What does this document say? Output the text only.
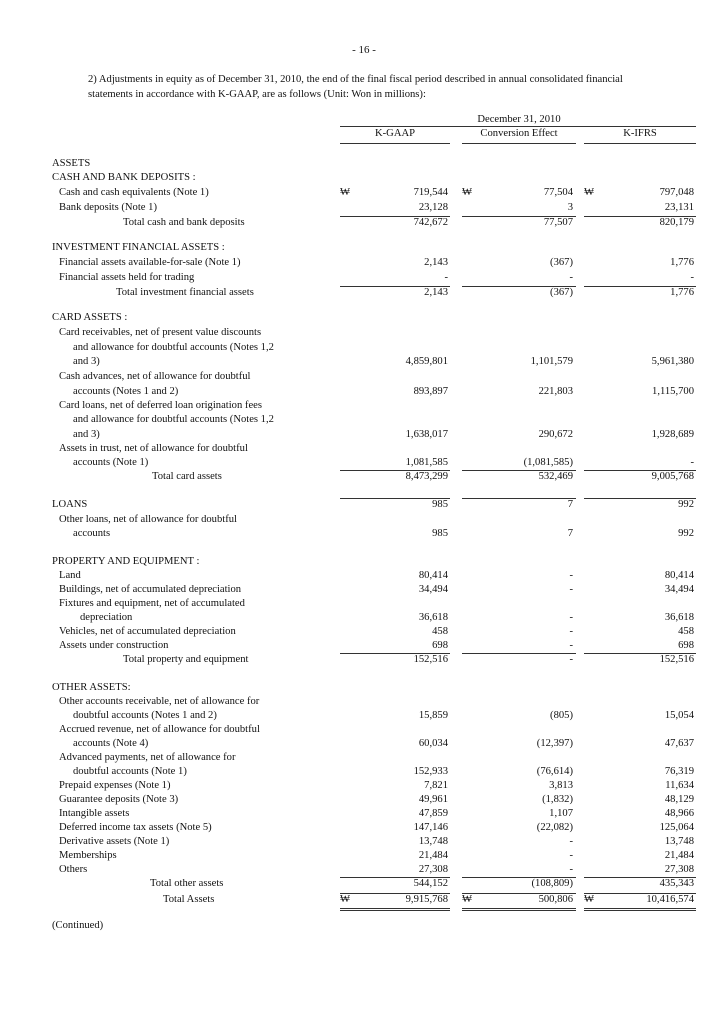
- 16 -
2) Adjustments in equity as of December 31, 2010, the end of the final fiscal period described in annual consolidated financial statements in accordance with K-GAAP, are as follows (Unit: Won in millions):
December 31, 2010
K-GAAP	Conversion Effect	K-IFRS
ASSETS
CASH AND BANK DEPOSITS :
Cash and cash equivalents (Note 1)	719,544	77,504	797,048
₩	₩	₩
Bank deposits (Note 1)	23,128	3	23,131
Total cash and bank deposits	742,672	77,507	820,179
INVESTMENT FINANCIAL ASSETS :
Financial assets available-for-sale (Note 1)	2,143	(367)	1,776
Financial assets held for trading	-	-	-
Total investment financial assets	2,143	(367)	1,776
CARD ASSETS :
Card receivables, net of present value discounts
and allowance for doubtful accounts (Notes 1,2
and 3)	4,859,801	1,101,579	5,961,380
Cash advances, net of allowance for doubtful
accounts (Notes 1 and 2)	893,897	221,803	1,115,700
Card loans, net of deferred loan origination fees
and allowance for doubtful accounts (Notes 1,2
and 3)	1,638,017	290,672	1,928,689
Assets in trust, net of allowance for doubtful
accounts (Note 1)	1,081,585	(1,081,585)	-
Total card assets	8,473,299	532,469	9,005,768
LOANS	985	7	992
Other loans, net of allowance for doubtful
accounts	985	7	992
PROPERTY AND EQUIPMENT :
Land	80,414	-	80,414
Buildings, net of accumulated depreciation	34,494	-	34,494
Fixtures and equipment, net of accumulated
depreciation	36,618	-	36,618
Vehicles, net of accumulated depreciation	458	-	458
Assets under construction	698	-	698
Total property and equipment	152,516	-	152,516
OTHER ASSETS:
Other accounts receivable, net of allowance for
doubtful accounts (Notes 1 and 2)	15,859	(805)	15,054
Accrued revenue, net of allowance for doubtful
accounts (Note 4)	60,034	(12,397)	47,637
Advanced payments, net of allowance for
doubtful accounts (Note 1)	152,933	(76,614)	76,319
Prepaid expenses (Note 1)	7,821	3,813	11,634
Guarantee deposits (Note 3)	49,961	(1,832)	48,129
Intangible assets	47,859	1,107	48,966
Deferred income tax assets (Note 5)	147,146	(22,082)	125,064
Derivative assets (Note 1)	13,748	-	13,748
Memberships	21,484	-	21,484
Others	27,308	-	27,308
Total other assets	544,152	(108,809)	435,343
Total Assets	9,915,768	500,806	10,416,574
₩	₩	₩
(Continued)
